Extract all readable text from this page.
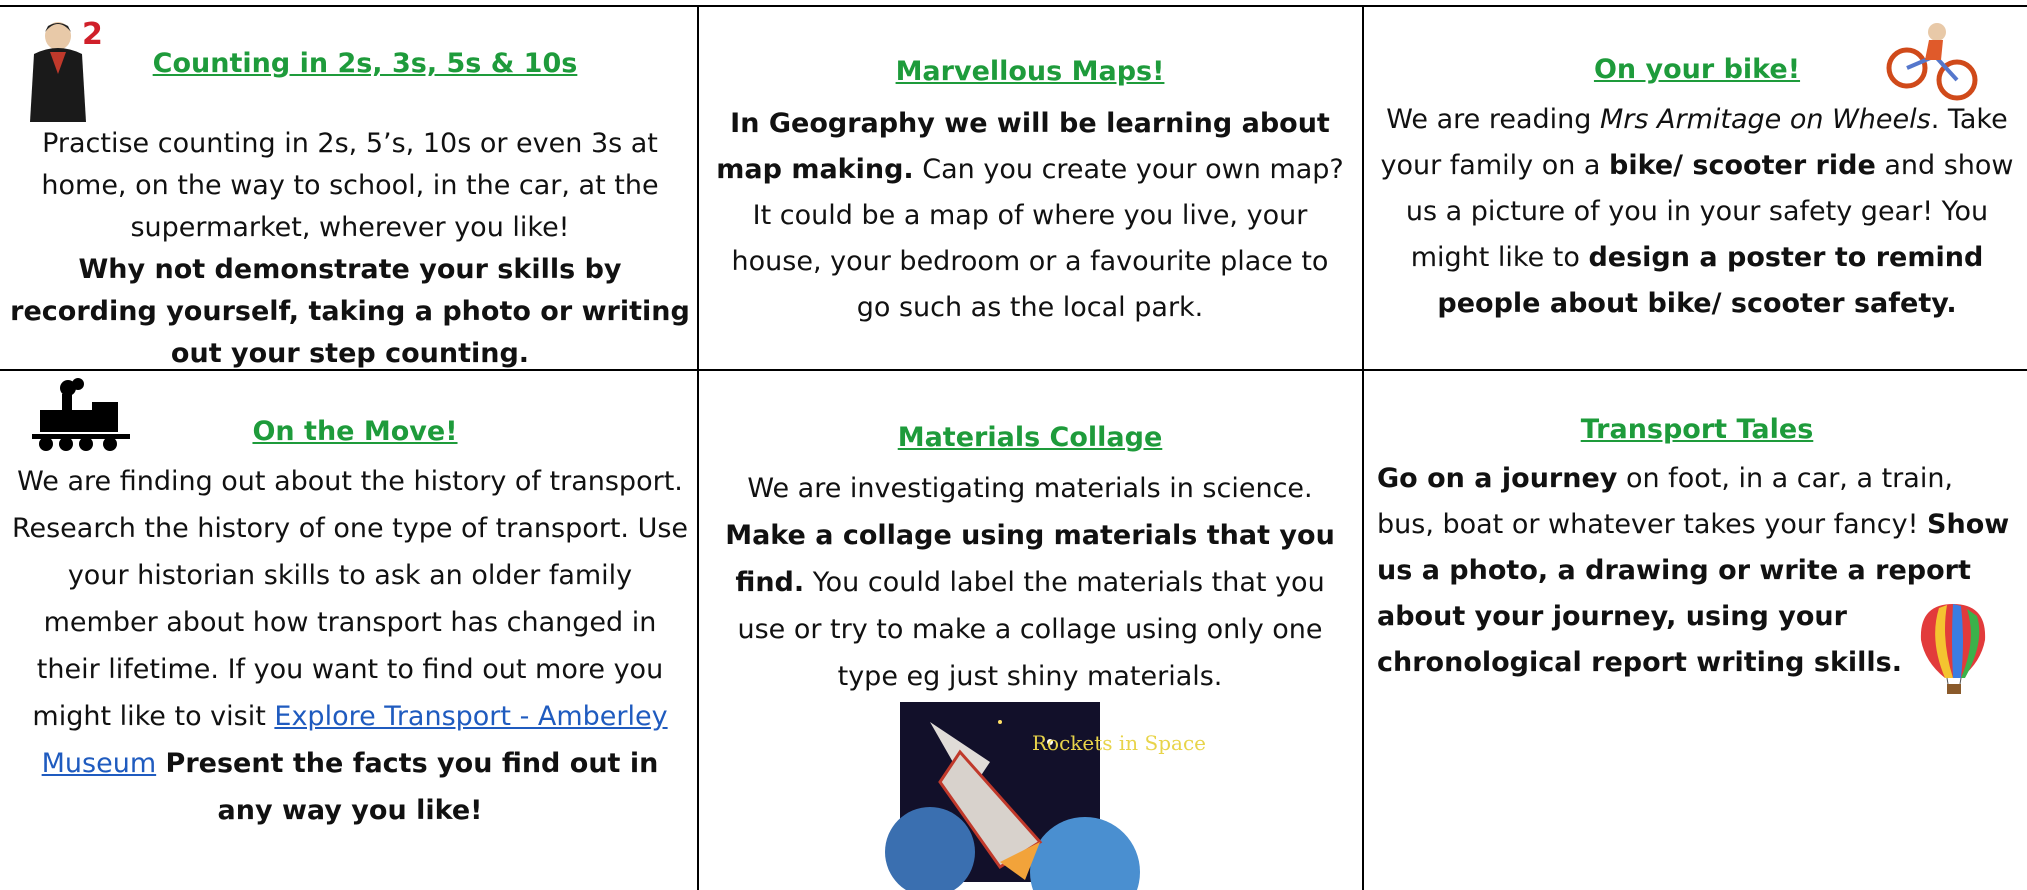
2
Counting in 2s, 3s, 5s & 10s

Practise counting in 2s, 5’s, 10s or even 3s at home, on the way to school, in the car, at the supermarket, wherever you like!
Why not demonstrate your skills by recording yourself, taking a photo or writing out your step counting.

Marvellous Maps!

In Geography we will be learning about map making. Can you create your own map? It could be a map of where you live, your house, your bedroom or a favourite place to go such as the local park.

On your bike!

We are reading Mrs Armitage on Wheels. Take your family on a bike/ scooter ride and show us a picture of you in your safety gear! You might like to design a poster to remind people about bike/ scooter safety.

On the Move!

We are finding out about the history of transport. Research the history of one type of transport. Use your historian skills to ask an older family member about how transport has changed in their lifetime. If you want to find out more you might like to visit Explore Transport - Amberley Museum Present the facts you find out in any way you like!

Materials Collage

We are investigating materials in science.
Make a collage using materials that you find. You could label the materials that you use or try to make a collage using only one type eg just shiny materials.

Rockets in Space
Transport Tales

Go on a journey on foot, in a car, a train, bus, boat or whatever takes your fancy! Show us a photo, a drawing or write a report about your journey, using your chronological report writing skills.
